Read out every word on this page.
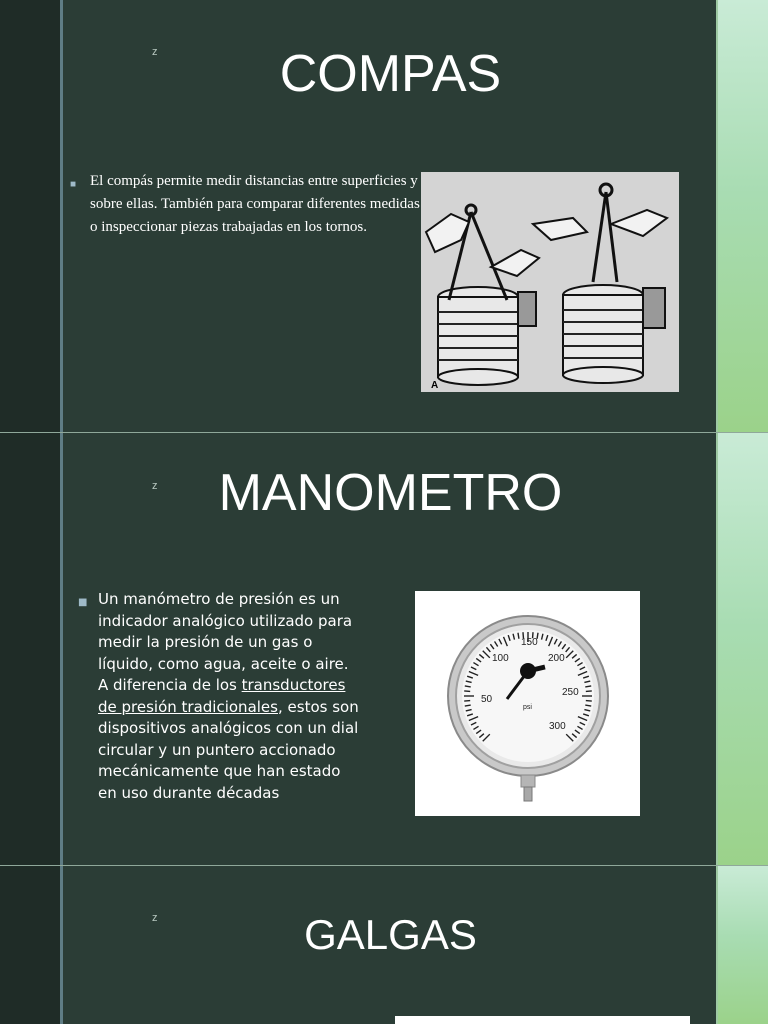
z	COMPAS
■ El compás permite medir distancias entre superficies y sobre ellas. También para comparar diferentes medidas o inspeccionar piezas trabajadas en los tornos.
A
z	MANOMETRO
■ Un manómetro de presión es un indicador analógico utilizado para medir la presión de un gas o líquido, como agua, aceite o aire. A diferencia de los transductores de presión tradicionales, estos son dispositivos analógicos con un dial circular y un puntero accionado mecánicamente que han estado en uso durante décadas
50
100
150
200
250
300
psi
z	GALGAS
